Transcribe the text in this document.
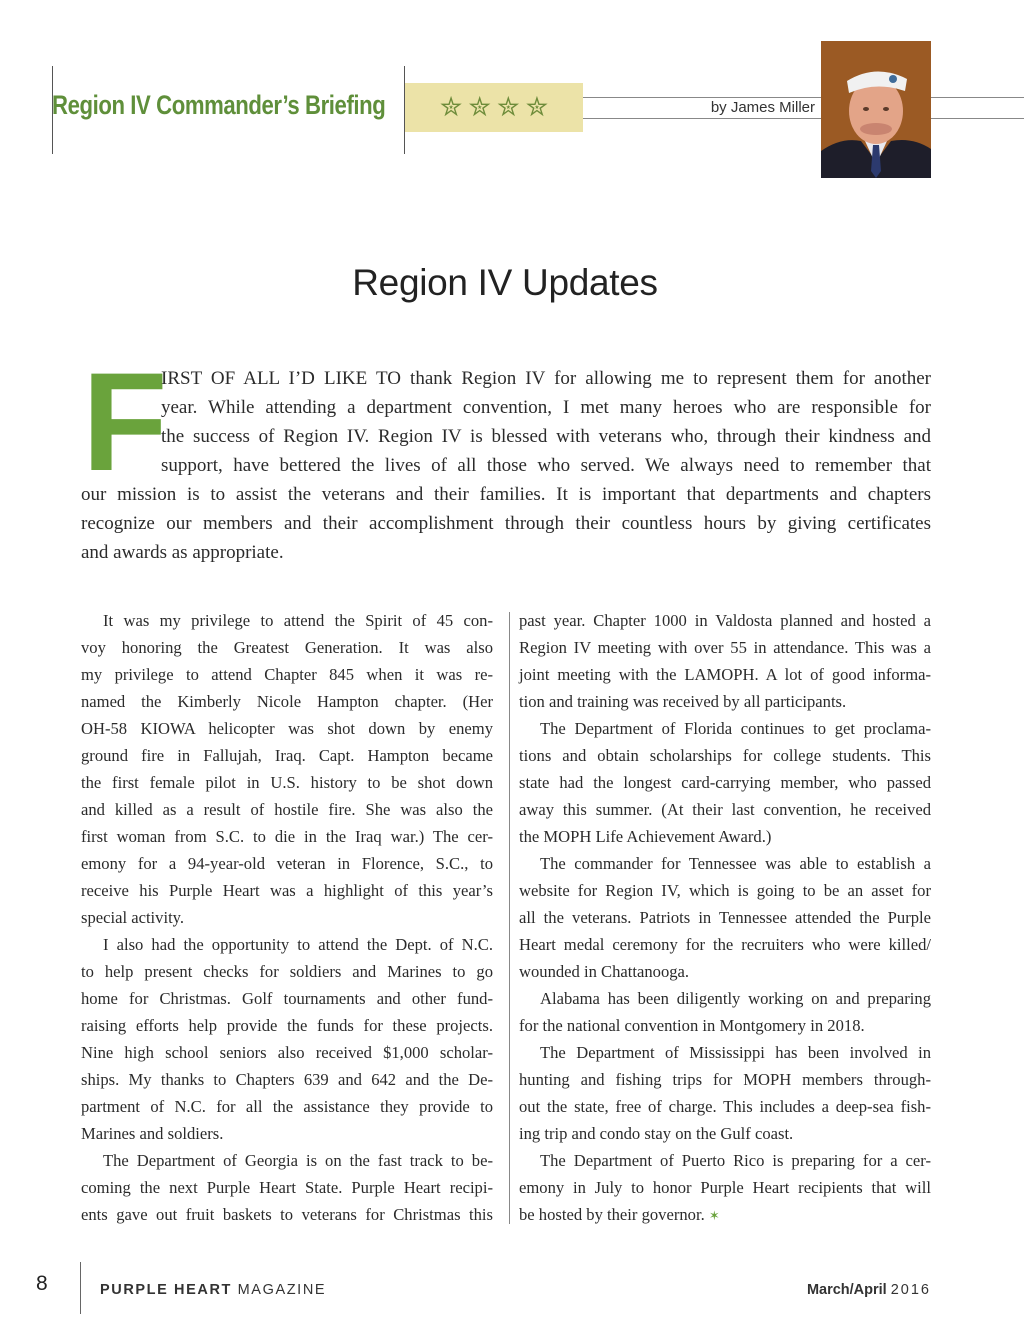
Region IV Commander’s Briefing ✮ ✮ ✮ ✮	by James Miller
Region IV Updates
F
IRST OF ALL I’D LIKE TO thank Region IV for allowing me to represent them for another
year. While attending a department convention, I met many heroes who are responsible for
the success of Region IV. Region IV is blessed with veterans who, through their kindness and
support, have bettered the lives of all those who served. We always need to remember that
our mission is to assist the veterans and their families. It is important that departments and chapters
recognize our members and their accomplishment through their countless hours by giving certificates
and awards as appropriate.
It was my privilege to attend the Spirit of 45 con-
voy honoring the Greatest Generation. It was also
my privilege to attend Chapter 845 when it was re-
named the Kimberly Nicole Hampton chapter. (Her
OH-58 KIOWA helicopter was shot down by enemy
ground fire in Fallujah, Iraq. Capt. Hampton became
the first female pilot in U.S. history to be shot down
and killed as a result of hostile fire. She was also the
first woman from S.C. to die in the Iraq war.) The cer-
emony for a 94-year-old veteran in Florence, S.C., to
receive his Purple Heart was a highlight of this year’s
special activity.
I also had the opportunity to attend the Dept. of N.C.
to help present checks for soldiers and Marines to go
home for Christmas. Golf tournaments and other fund-
raising efforts help provide the funds for these projects.
Nine high school seniors also received $1,000 scholar-
ships. My thanks to Chapters 639 and 642 and the De-
partment of N.C. for all the assistance they provide to
Marines and soldiers.
The Department of Georgia is on the fast track to be-
coming the next Purple Heart State. Purple Heart recipi-
ents gave out fruit baskets to veterans for Christmas this
past year. Chapter 1000 in Valdosta planned and hosted a
Region IV meeting with over 55 in attendance. This was a
joint meeting with the LAMOPH. A lot of good informa-
tion and training was received by all participants.
The Department of Florida continues to get proclama-
tions and obtain scholarships for college students. This
state had the longest card-carrying member, who passed
away this summer. (At their last convention, he received
the MOPH Life Achievement Award.)
The commander for Tennessee was able to establish a
website for Region IV, which is going to be an asset for
all the veterans. Patriots in Tennessee attended the Purple
Heart medal ceremony for the recruiters who were killed/
wounded in Chattanooga.
Alabama has been diligently working on and preparing
for the national convention in Montgomery in 2018.
The Department of Mississippi has been involved in
hunting and fishing trips for MOPH members through-
out the state, free of charge. This includes a deep-sea fish-
ing trip and condo stay on the Gulf coast.
The Department of Puerto Rico is preparing for a cer-
emony in July to honor Purple Heart recipients that will
be hosted by their governor. ✶
8	PURPLE HEART MAGAZINE	March/April 2016
